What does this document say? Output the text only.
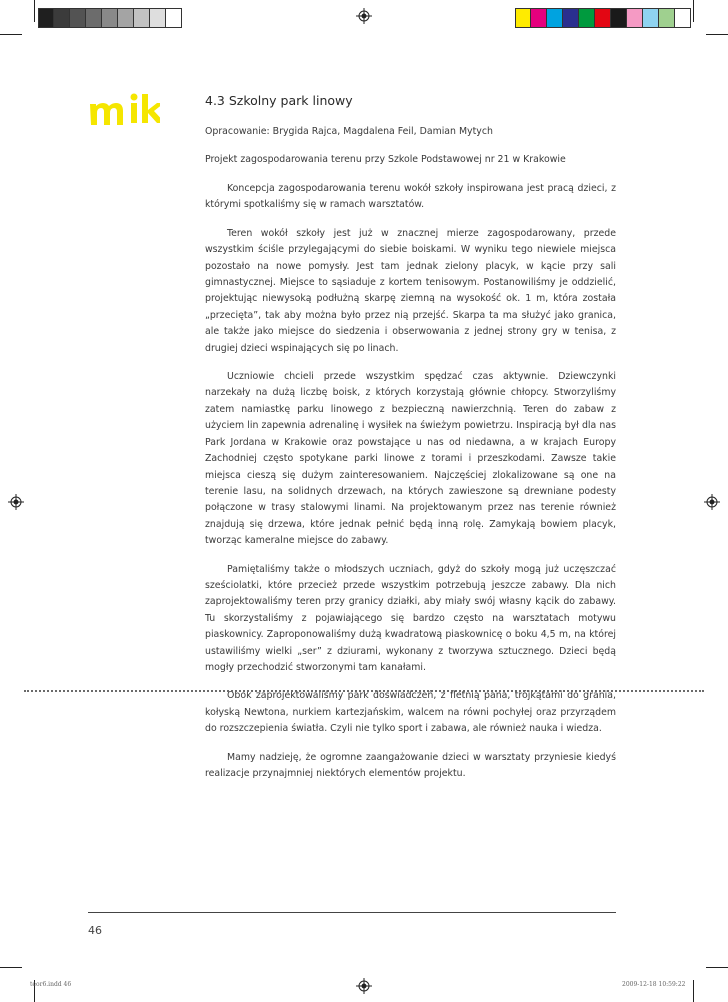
4.3 Szkolny park linowy
Opracowanie: Brygida Rajca, Magdalena Feil, Damian Mytych
Projekt zagospodarowania terenu przy Szkole Podstawowej nr 21 w Krakowie

Koncepcja zagospodarowania terenu wokół szkoły inspirowana jest pracą dzieci, z którymi spotkaliśmy się w ramach warsztatów.

Teren wokół szkoły jest już w znacznej mierze zagospodarowany, przede wszystkim ściśle przylegającymi do siebie boiskami. W wyniku tego niewiele miejsca pozostało na nowe pomysły. Jest tam jednak zielony placyk, w kącie przy sali gimnastycznej. Miejsce to sąsiaduje z kortem tenisowym. Postanowiliśmy je oddzielić, projektując niewysoką podłużną skarpę ziemną na wysokość ok. 1 m, która została „przecięta”, tak aby można było przez nią przejść. Skarpa ta ma służyć jako granica, ale także jako miejsce do siedzenia i obserwowania z jednej strony gry w tenisa, z drugiej dzieci wspinających się po linach.

Uczniowie chcieli przede wszystkim spędzać czas aktywnie. Dziewczynki narzekały na dużą liczbę boisk, z których korzystają głównie chłopcy. Stworzyliśmy zatem namiastkę parku linowego z bezpieczną nawierzchnią. Teren do zabaw z użyciem lin zapewnia adrenalinę i wysiłek na świeżym powietrzu. Inspiracją był dla nas Park Jordana w Krakowie oraz powstające u nas od niedawna, a w krajach Europy Zachodniej często spotykane parki linowe z torami i przeszkodami. Zawsze takie miejsca cieszą się dużym zainteresowaniem. Najczęściej zlokalizowane są one na terenie lasu, na solidnych drzewach, na których zawieszone są drewniane podesty połączone w trasy stalowymi linami. Na projektowanym przez nas terenie również znajdują się drzewa, które jednak pełnić będą inną rolę. Zamykają bowiem placyk, tworząc kameralne miejsce do zabawy.

Pamiętaliśmy także o młodszych uczniach, gdyż do szkoły mogą już uczęszczać sześciolatki, które przecież przede wszystkim potrzebują jeszcze zabawy. Dla nich zaprojektowaliśmy teren przy granicy działki, aby miały swój własny kącik do zabawy. Tu skorzystaliśmy z pojawiającego się bardzo często na warsztatach motywu piaskownicy. Zaproponowaliśmy dużą kwadratową piaskownicę o boku 4,5 m, na której ustawiliśmy wielki „ser” z dziurami, wykonany z tworzywa sztucznego. Dzieci będą mogły przechodzić stworzonymi tam kanałami.

Obok zaprojektowaliśmy park doświadczeń, z fletnią pana, trójkątami do grania, kołyską Newtona, nurkiem kartezjańskim, walcem na równi pochyłej oraz przyrządem do rozszczepienia światła. Czyli nie tylko sport i zabawa, ale również nauka i wiedza.

Mamy nadzieję, że ogromne zaangażowanie dzieci w warsztaty przyniesie kiedyś realizacje przynajmniej niektórych elementów projektu.

46
teor6.indd 46	2009-12-18 10:59:22
